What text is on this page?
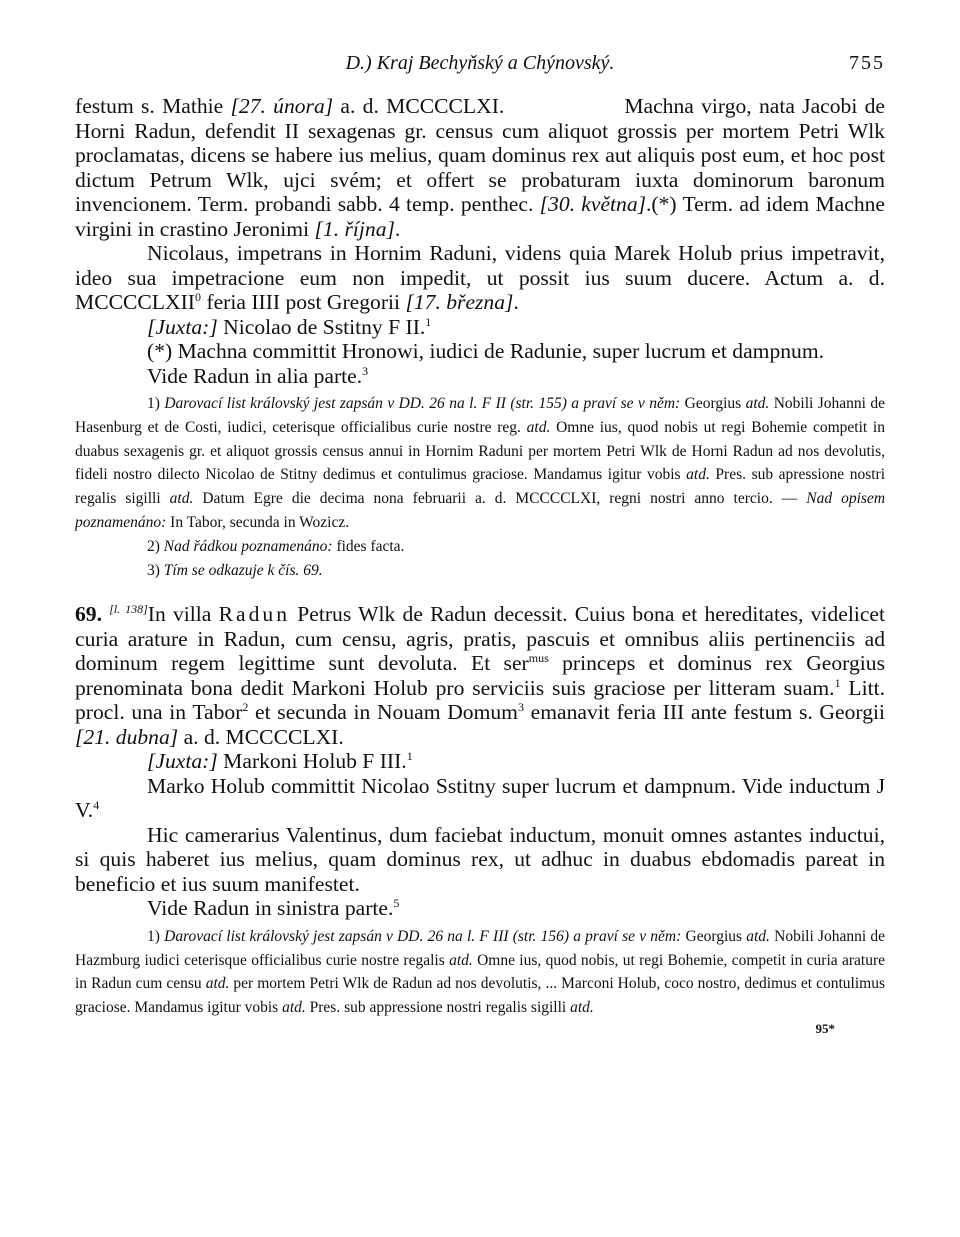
D.) Kraj Bechyňský a Chýnovský.	755

festum s. Mathie [27. února] a. d. MCCCCLXI.	Machna virgo, nata Jacobi de Horni Radun, defendit II sexagenas gr. census cum aliquot grossis per mortem Petri Wlk proclamatas, dicens se habere ius melius, quam dominus rex aut aliquis post eum, et hoc post dictum Petrum Wlk, ujci svém; et offert se probaturam iuxta dominorum baronum invencionem. Term. probandi sabb. 4 temp. penthec. [30. května].(*) Term. ad idem Machne virgini in crastino Jeronimi [1. října].

Nicolaus, impetrans in Hornim Raduni, videns quia Marek Holub prius impetravit, ideo sua impetracione eum non impedit, ut possit ius suum ducere. Actum a. d. MCCCCLXII$^0$ feria IIII post Gregorii [17. března].

[Juxta:] Nicolao de Sstitny F II.$^1$

(*) Machna committit Hronowi, iudici de Radunie, super lucrum et dampnum.

Vide Radun in alia parte.$^3$

1) Darovací list královský jest zapsán v DD. 26 na l. F II (str. 155) a praví se v něm: Georgius atd. Nobili Johanni de Hasenburg et de Costi, iudici, ceterisque officialibus curie nostre reg. atd. Omne ius, quod nobis ut regi Bohemie competit in duabus sexagenis gr. et aliquot grossis census annui in Hornim Raduni per mortem Petri Wlk de Horni Radun ad nos devolutis, fideli nostro dilecto Nicolao de Stitny dedimus et contulimus graciose. Mandamus igitur vobis atd. Pres. sub apressione nostri regalis sigilli atd. Datum Egre die decima nona februarii a. d. MCCCCLXI, regni nostri anno tercio. — Nad opisem poznamenáno: In Tabor, secunda in Wozicz.

2) Nad řádkou poznamenáno: fides facta.

3) Tím se odkazuje k čís. 69.

69. [l. 138]In villa Radun Petrus Wlk de Radun decessit. Cuius bona et hereditates, videlicet curia arature in Radun, cum censu, agris, pratis, pascuis et omnibus aliis pertinenciis ad dominum regem legittime sunt devoluta. Et ser$^{mus}$ princeps et dominus rex Georgius prenominata bona dedit Markoni Holub pro serviciis suis graciose per litteram suam.$^1$ Litt. procl. una in Tabor$^2$ et secunda in Nouam Domum$^3$ emanavit feria III ante festum s. Georgii [21. dubna] a. d. MCCCCLXI.

[Juxta:] Markoni Holub F III.$^1$

Marko Holub committit Nicolao Sstitny super lucrum et dampnum. Vide inductum J V.$^4$

Hic camerarius Valentinus, dum faciebat inductum, monuit omnes astantes inductui, si quis haberet ius melius, quam dominus rex, ut adhuc in duabus ebdomadis pareat in beneficio et ius suum manifestet.

Vide Radun in sinistra parte.$^5$

1) Darovací list královský jest zapsán v DD. 26 na l. F III (str. 156) a praví se v něm: Georgius atd. Nobili Johanni de Hazmburg iudici ceterisque officialibus curie nostre regalis atd. Omne ius, quod nobis, ut regi Bohemie, competit in curia arature in Radun cum censu atd. per mortem Petri Wlk de Radun ad nos devolutis, ... Marconi Holub, coco nostro, dedimus et contulimus graciose. Mandamus igitur vobis atd. Pres. sub appressione nostri regalis sigilli atd.

95*
